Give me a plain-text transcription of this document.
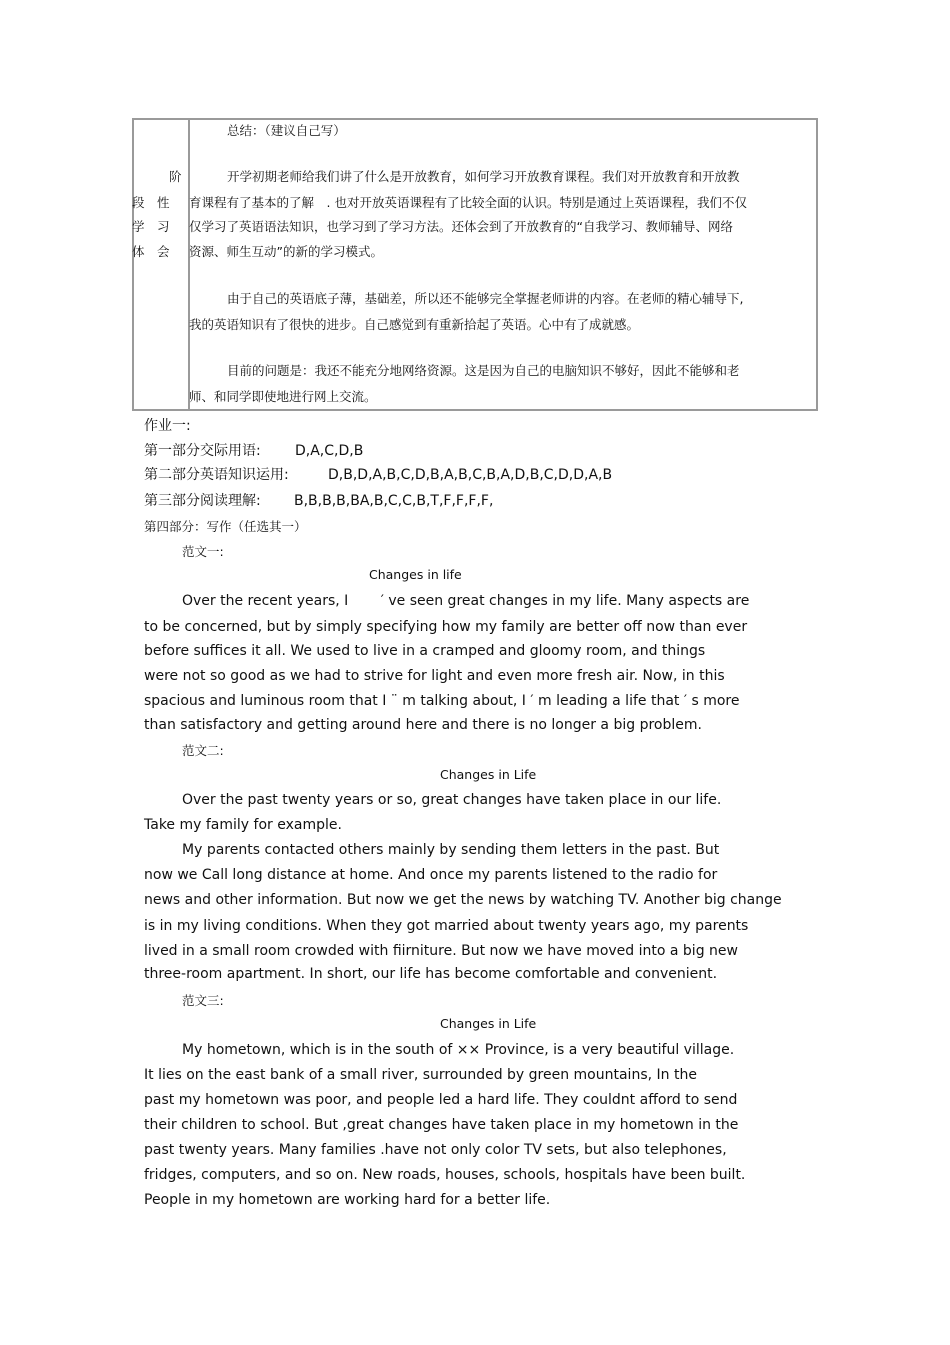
阶
段　性
学　习
体　会
总结：（建议自己写）
开学初期老师给我们讲了什么是开放教育，如何学习开放教育课程。我们对开放教育和开放教
育课程有了基本的了解　. 也对开放英语课程有了比较全面的认识。特别是通过上英语课程，我们不仅
仅学习了英语语法知识，也学习到了学习方法。还体会到了开放教育的“自我学习、教师辅导、网络
资源、师生互动”的新的学习模式。
由于自己的英语底子薄，基础差，所以还不能够完全掌握老师讲的内容。在老师的精心辅导下,
我的英语知识有了很快的进步。自己感觉到有重新拾起了英语。心中有了成就感。
目前的问题是：我还不能充分地网络资源。这是因为自己的电脑知识不够好，因此不能够和老
师、和同学即使地进行网上交流。
作业一:
第一部分交际用语: D,A,C,D,B
第二部分英语知识运用:	D,B,D,A,B,C,D,B,A,B,C,B,A,D,B,C,D,D,A,B
第三部分阅读理解: B,B,B,B,BA,B,C,C,B,T,F,F,F,F,
第四部分：写作（任选其一）
范文一:
Changes in life
Over the recent years, I　　 ′ ve seen great changes in my life. Many aspects are
to be concerned, but by simply specifying how my family are better off now than ever
before suffices it all. We used to live in a cramped and gloomy room, and things
were not so good as we had to strive for light and even more fresh air. Now, in this
spacious and luminous room that I ¨ m talking about, I ′ m leading a life that ′ s more
than satisfactory and getting around here and there is no longer a big problem.
范文二:
Changes in Life
Over the past twenty years or so, great changes have taken place in our life.
Take my family for example.
My parents contacted others mainly by sending them letters in the past. But
now we Call long distance at home. And once my parents listened to the radio for
news and other information. But now we get the news by watching TV. Another big change
is in my living conditions. When they got married about twenty years ago, my parents
lived in a small room crowded with fiirniture. But now we have moved into a big new
three-room apartment. In short, our life has become comfortable and convenient.
范文三:
Changes in Life
My hometown, which is in the south of ×× Province, is a very beautiful village.
It lies on the east bank of a small river, surrounded by green mountains, In the
past my hometown was poor, and people led a hard life. They couldnt afford to send
their children to school. But ,great changes have taken place in my hometown in the
past twenty years. Many families .have not only color TV sets, but also telephones,
fridges, computers, and so on. New roads, houses, schools, hospitals have been built.
People in my hometown are working hard for a better life.
